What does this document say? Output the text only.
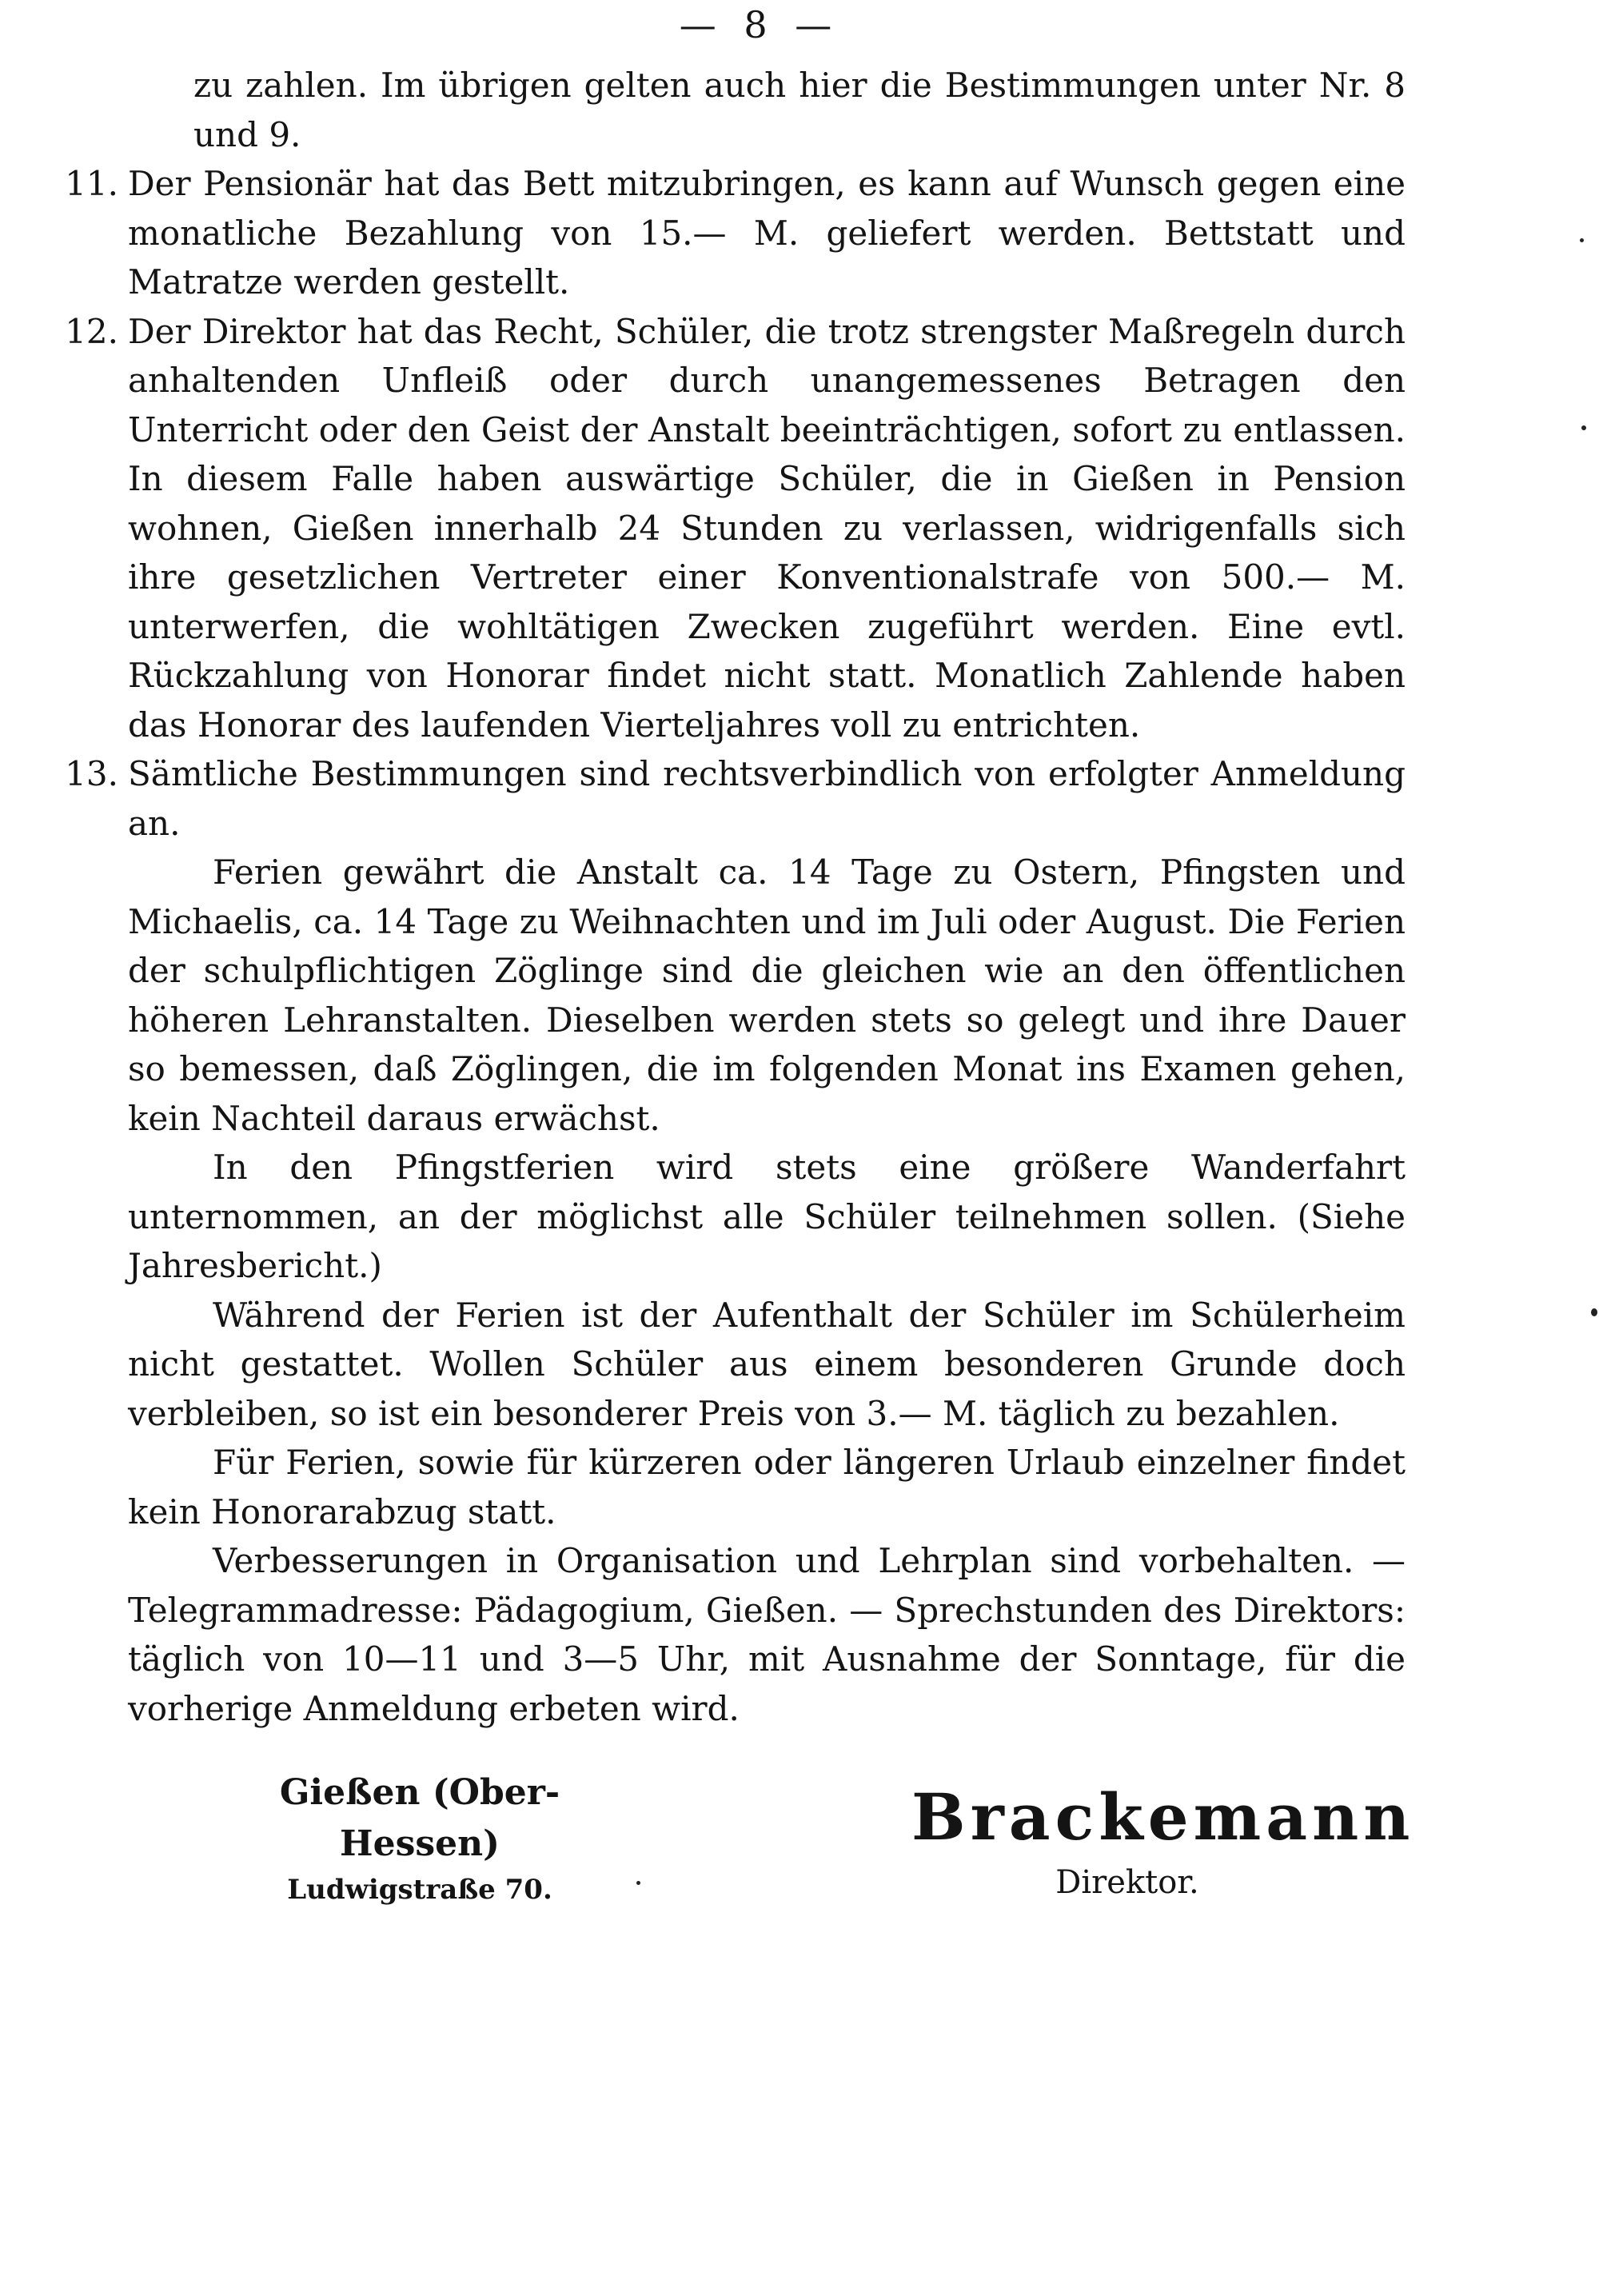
— 8 —

zu zahlen. Im übrigen gelten auch hier die Bestimmungen unter Nr. 8 und 9.

11. Der Pensionär hat das Bett mitzubringen, es kann auf Wunsch gegen eine monatliche Bezahlung von 15.— M. geliefert werden. Bettstatt und Matratze werden gestellt.
12. Der Direktor hat das Recht, Schüler, die trotz strengster Maßregeln durch anhaltenden Unfleiß oder durch unangemessenes Betragen den Unterricht oder den Geist der Anstalt beeinträchtigen, sofort zu entlassen. In diesem Falle haben auswärtige Schüler, die in Gießen in Pension wohnen, Gießen innerhalb 24 Stunden zu verlassen, widrigenfalls sich ihre gesetzlichen Vertreter einer Konventionalstrafe von 500.— M. unterwerfen, die wohltätigen Zwecken zugeführt werden. Eine evtl. Rückzahlung von Honorar findet nicht statt. Monatlich Zahlende haben das Honorar des laufenden Vierteljahres voll zu entrichten.
13. Sämtliche Bestimmungen sind rechtsverbindlich von erfolgter Anmeldung an.

Ferien gewährt die Anstalt ca. 14 Tage zu Ostern, Pfingsten und Michaelis, ca. 14 Tage zu Weihnachten und im Juli oder August. Die Ferien der schulpflichtigen Zöglinge sind die gleichen wie an den öffentlichen höheren Lehranstalten. Dieselben werden stets so gelegt und ihre Dauer so bemessen, daß Zöglingen, die im folgenden Monat ins Examen gehen, kein Nachteil daraus erwächst.

In den Pfingstferien wird stets eine größere Wanderfahrt unternommen, an der möglichst alle Schüler teilnehmen sollen. (Siehe Jahresbericht.)

Während der Ferien ist der Aufenthalt der Schüler im Schülerheim nicht gestattet. Wollen Schüler aus einem besonderen Grunde doch verbleiben, so ist ein besonderer Preis von 3.— M. täglich zu bezahlen.

Für Ferien, sowie für kürzeren oder längeren Urlaub einzelner findet kein Honorarabzug statt.

Verbesserungen in Organisation und Lehrplan sind vorbehalten. — Telegrammadresse: Pädagogium, Gießen. — Sprechstunden des Direktors: täglich von 10—11 und 3—5 Uhr, mit Ausnahme der Sonntage, für die vorherige Anmeldung erbeten wird.

Gießen (Ober-Hessen)
Ludwigstraße 70.
Brackemann
Direktor.
